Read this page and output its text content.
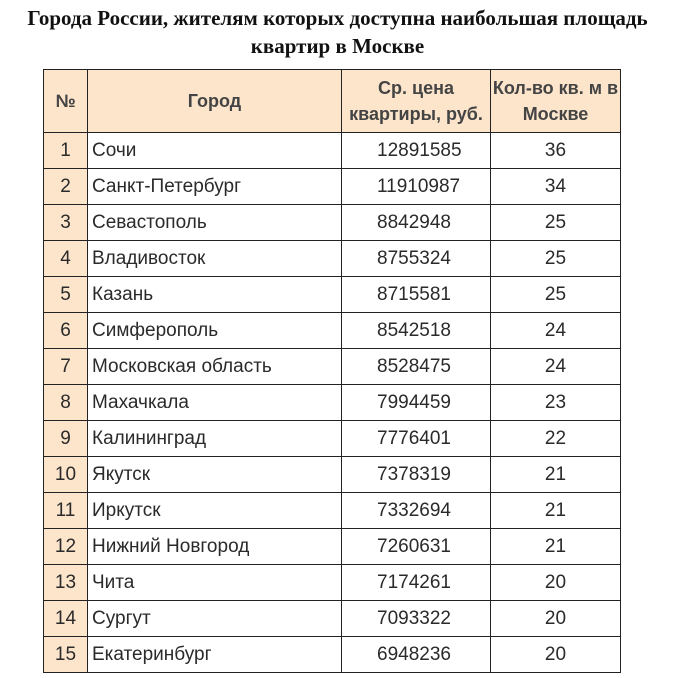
Города России, жителям которых доступна наибольшая площадь квартир в Москве
№	Город	Ср. цена квартиры, руб.	Кол-во кв. м в Москве
1	Сочи	12891585	36
2	Санкт-Петербург	11910987	34
3	Севастополь	8842948	25
4	Владивосток	8755324	25
5	Казань	8715581	25
6	Симферополь	8542518	24
7	Московская область	8528475	24
8	Махачкала	7994459	23
9	Калининград	7776401	22
10	Якутск	7378319	21
11	Иркутск	7332694	21
12	Нижний Новгород	7260631	21
13	Чита	7174261	20
14	Сургут	7093322	20
15	Екатеринбург	6948236	20
